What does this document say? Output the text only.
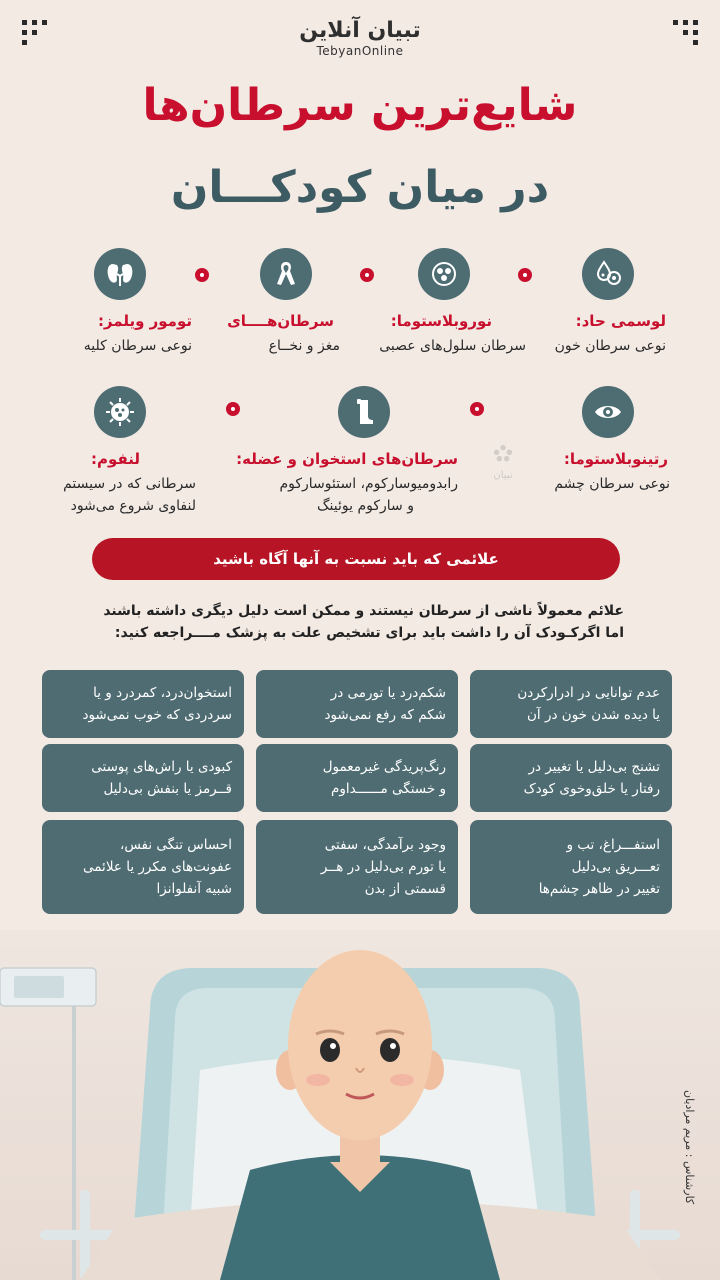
تبیان آنلاین
TebyanOnline
شایع‌ترین سرطان‌ها
در میان کودکـــان
لوسمی حاد:
نوعی سرطان خون
نوروبلاستوما:
سرطان سلول‌های عصبی
سرطان‌هــــای
مغز و نخــاع
تومور ویلمز:
نوعی سرطان کلیه
تبیان
رتینوبلاستوما:
نوعی سرطان چشم
سرطان‌های استخوان و عضله:
رابدومیوسارکوم، استئوسارکوم
و سارکوم یوئینگ
لنفوم:
سرطانی که در سیستم
لنفاوی شروع می‌شود
علائمی که باید نسبت به آنها آگاه باشید
علائم معمولاً ناشی از سرطان نیستند و ممکن است دلیل دیگری داشته باشند
اما اگرکـودک آن را داشت باید برای تشخیص علت به پزشک مــــراجعه کنید:
عدم توانایی در ادرارکردن
یا دیده شدن خون در آن
شکم‌درد یا تورمی در
شکم که رفع نمی‌شود
استخوان‌درد، کمردرد و یا
سردردی که خوب نمی‌شود
تشنج بی‌دلیل یا تغییر در
رفتار یا خلق‌وخوی کودک
رنگ‌پریدگی غیرمعمول
و خستگی مــــــداوم
کبودی یا راش‌های پوستی
قــرمز یا بنفش بی‌دلیل
استفـــراغ، تب و
تعـــریق بی‌دلیل
تغییر در ظاهر چشم‌ها
وجود برآمدگی، سفتی
یا تورم بی‌دلیل در هــر
قسمتی از بدن
احساس تنگی نفس،
عفونت‌های مکرر یا علائمی
شبیه آنفلوانزا
کارشناس : مریم مرادیان
